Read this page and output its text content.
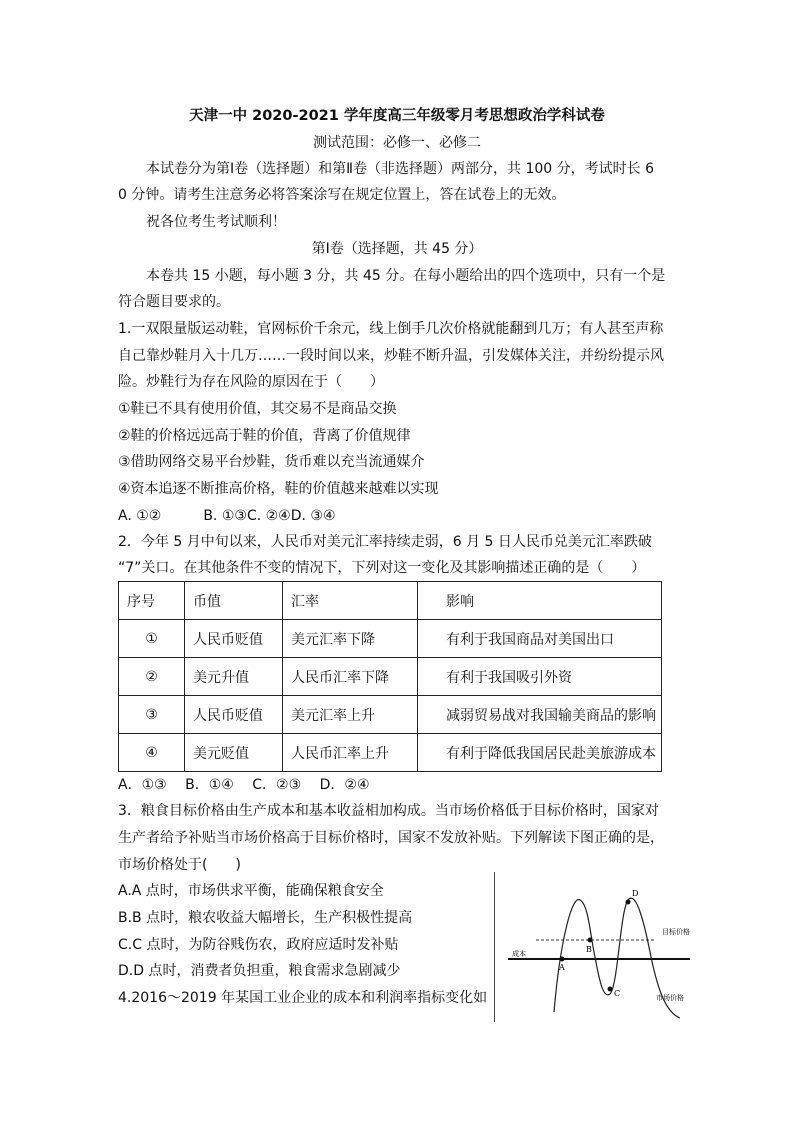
天津一中 2020-2021 学年度高三年级零月考思想政治学科试卷
测试范围：必修一、必修二
本试卷分为第Ⅰ卷（选择题）和第Ⅱ卷（非选择题）两部分，共 100 分，考试时长 6
0 分钟。请考生注意务必将答案涂写在规定位置上，答在试卷上的无效。
祝各位考生考试顺利！
第Ⅰ卷（选择题，共 45 分）
本卷共 15 小题，每小题 3 分，共 45 分。在每小题给出的四个选项中，只有一个是
符合题目要求的。
1.一双限量版运动鞋，官网标价千余元，线上倒手几次价格就能翻到几万；有人甚至声称
自己靠炒鞋月入十几万……一段时间以来，炒鞋不断升温，引发媒体关注，并纷纷提示风
险。炒鞋行为存在风险的原因在于（　　）
①鞋已不具有使用价值，其交易不是商品交换
②鞋的价格远远高于鞋的价值，背离了价值规律
③借助网络交易平台炒鞋，货币难以充当流通媒介
④资本追逐不断推高价格，鞋的价值越来越难以实现
A. ①②　　　B. ①③C. ②④D. ③④
2．今年 5 月中旬以来，人民币对美元汇率持续走弱，6 月 5 日人民币兑美元汇率跌破
“7”关口。在其他条件不变的情况下，下列对这一变化及其影响描述正确的是（　　）
序号	币值	汇率	影响
①	人民币贬值	美元汇率下降	有利于我国商品对美国出口
②	美元升值	人民币汇率下降	有利于我国吸引外资
③	人民币贬值	美元汇率上升	减弱贸易战对我国输美商品的影响
④	美元贬值	人民币汇率上升	有利于降低我国居民赴美旅游成本
A．①③　 B．①④　 C．②③　 D．②④
3．粮食目标价格由生产成本和基本收益相加构成。当市场价格低于目标价格时，国家对
生产者给予补贴当市场价格高于目标价格时，国家不发放补贴。下列解读下图正确的是，
市场价格处于(　　)
A.A 点时，市场供求平衡，能确保粮食安全
B.B 点时，粮农收益大幅增长，生产积极性提高
C.C 点时，为防谷贱伤农，政府应适时发补贴
D.D 点时，消费者负担重，粮食需求急剧减少
4.2016～2019 年某国工业企业的成本和利润率指标变化如
A
B
C
D
目标价格
成本
市场价格
